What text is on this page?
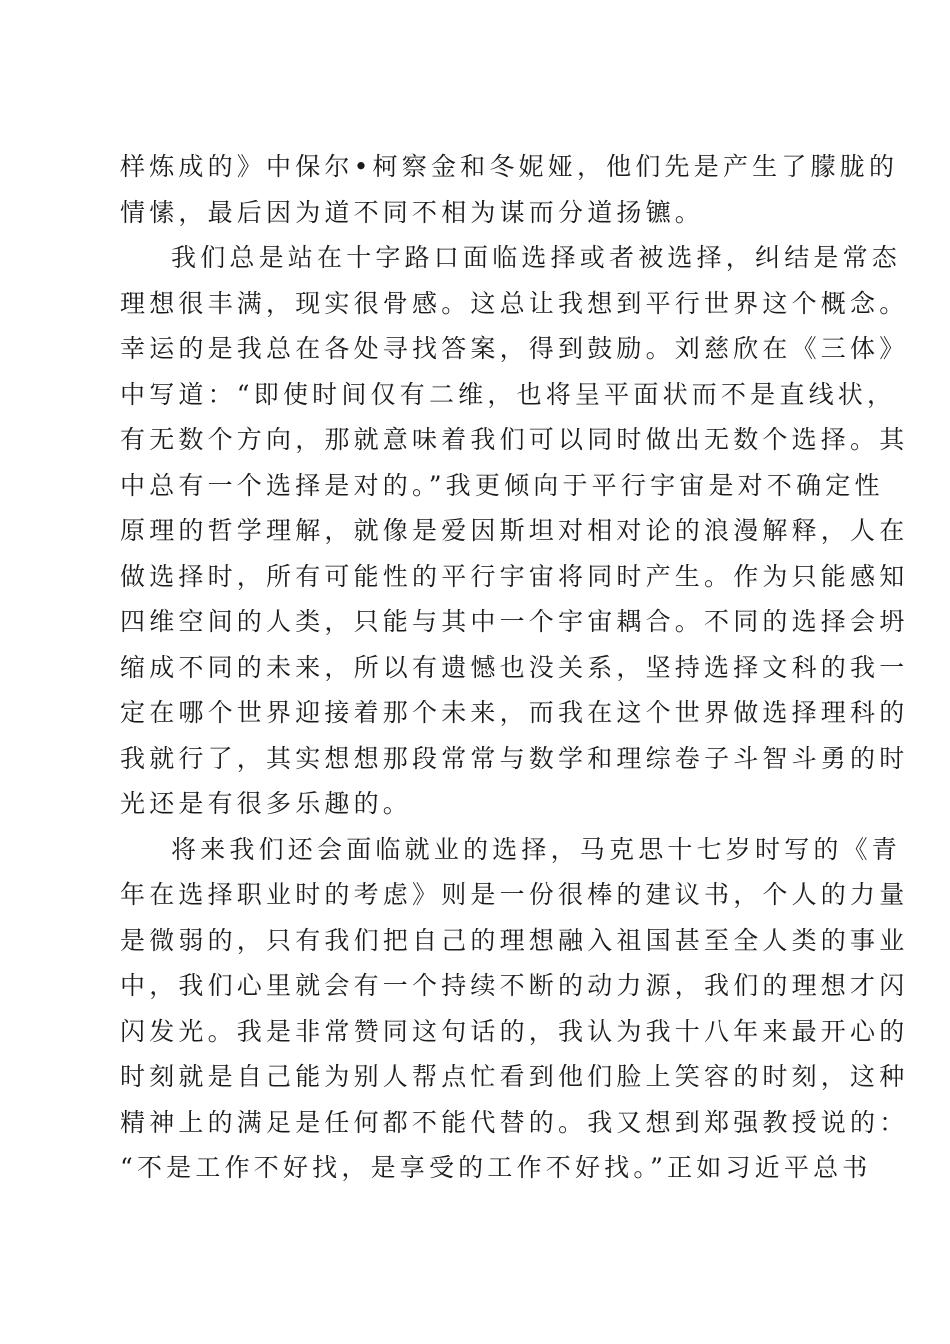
样炼成的》中保尔•柯察金和冬妮娅，他们先是产生了朦胧的
情愫，最后因为道不同不相为谋而分道扬镳。
我们总是站在十字路口面临选择或者被选择，纠结是常态
理想很丰满，现实很骨感。这总让我想到平行世界这个概念。
幸运的是我总在各处寻找答案，得到鼓励。刘慈欣在《三体》
中写道：“即使时间仅有二维，也将呈平面状而不是直线状，
有无数个方向，那就意味着我们可以同时做出无数个选择。其
中总有一个选择是对的。”我更倾向于平行宇宙是对不确定性
原理的哲学理解，就像是爱因斯坦对相对论的浪漫解释，人在
做选择时，所有可能性的平行宇宙将同时产生。作为只能感知
四维空间的人类，只能与其中一个宇宙耦合。不同的选择会坍
缩成不同的未来，所以有遗憾也没关系，坚持选择文科的我一
定在哪个世界迎接着那个未来，而我在这个世界做选择理科的
我就行了，其实想想那段常常与数学和理综卷子斗智斗勇的时
光还是有很多乐趣的。
将来我们还会面临就业的选择，马克思十七岁时写的《青
年在选择职业时的考虑》则是一份很棒的建议书，个人的力量
是微弱的，只有我们把自己的理想融入祖国甚至全人类的事业
中，我们心里就会有一个持续不断的动力源，我们的理想才闪
闪发光。我是非常赞同这句话的，我认为我十八年来最开心的
时刻就是自己能为别人帮点忙看到他们脸上笑容的时刻，这种
精神上的满足是任何都不能代替的。我又想到郑强教授说的：
“不是工作不好找，是享受的工作不好找。”正如习近平总书
